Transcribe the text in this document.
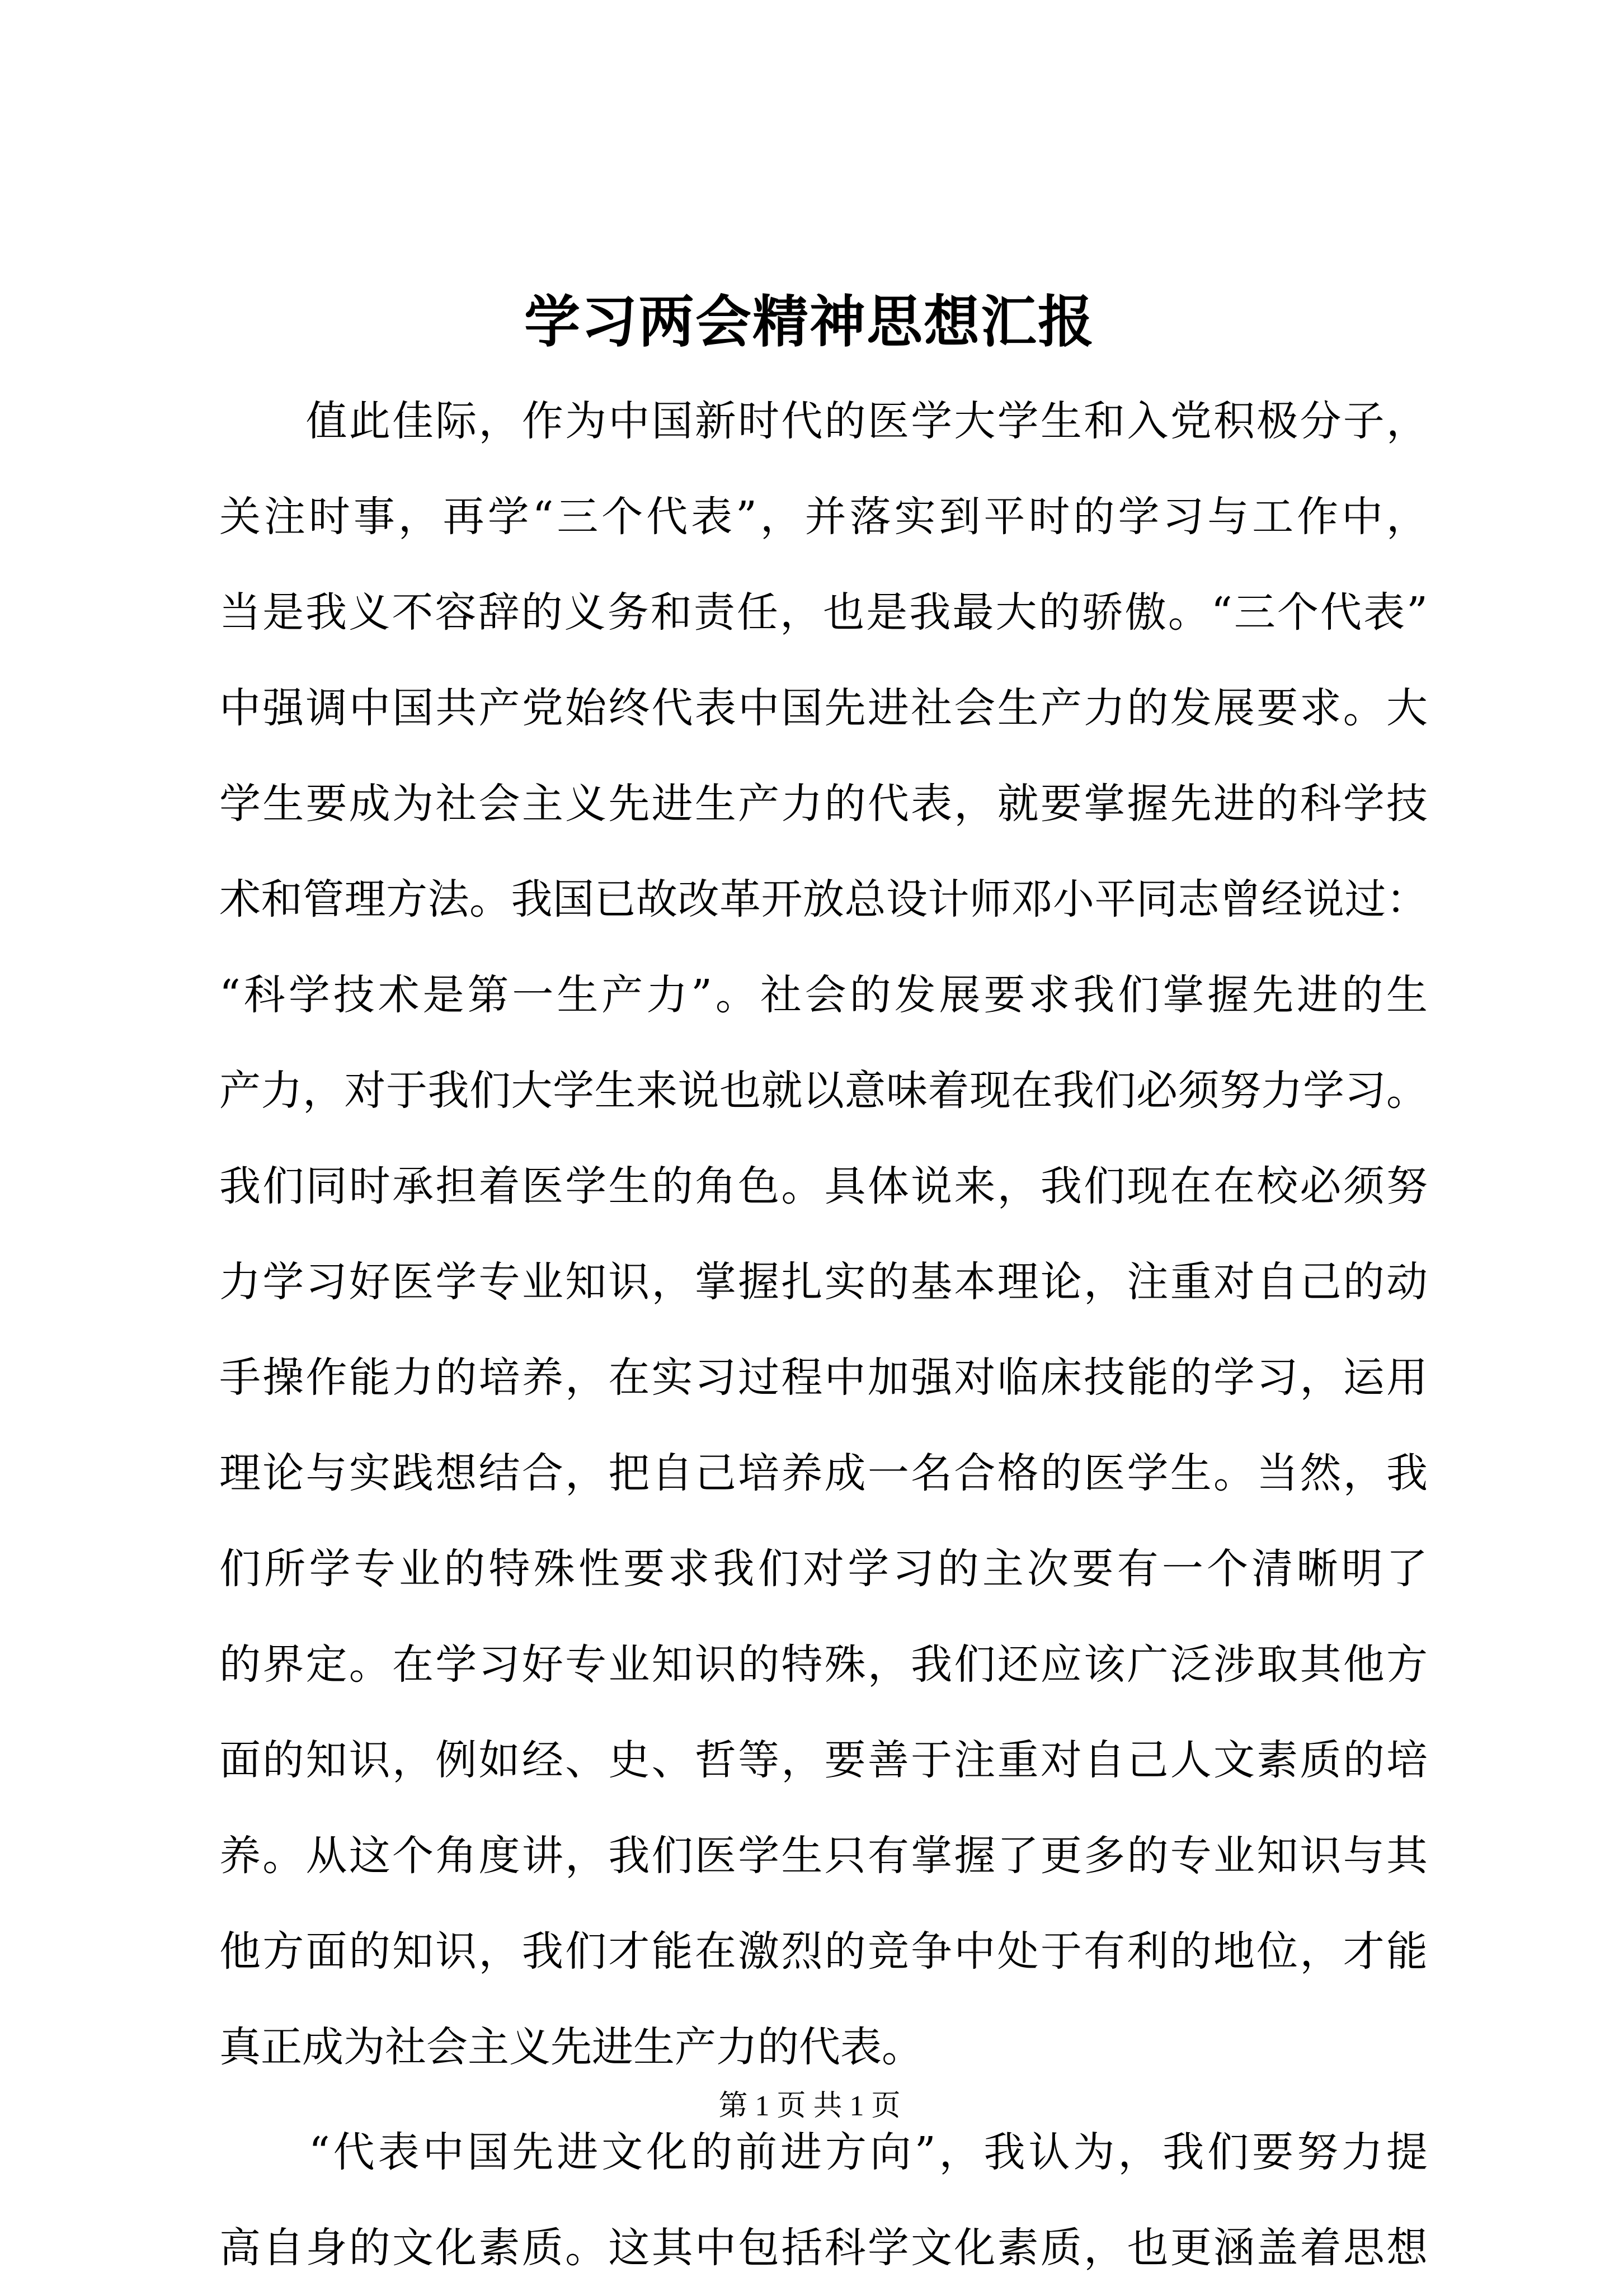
学习两会精神思想汇报
　　值此佳际，作为中国新时代的医学大学生和入党积极分子，
关注时事，再学“三个代表”，并落实到平时的学习与工作中，
当是我义不容辞的义务和责任，也是我最大的骄傲。“三个代表”
中强调中国共产党始终代表中国先进社会生产力的发展要求。大
学生要成为社会主义先进生产力的代表，就要掌握先进的科学技
术和管理方法。我国已故改革开放总设计师邓小平同志曾经说过：
“科学技术是第一生产力”。社会的发展要求我们掌握先进的生
产力，对于我们大学生来说也就以意味着现在我们必须努力学习。
我们同时承担着医学生的角色。具体说来，我们现在在校必须努
力学习好医学专业知识，掌握扎实的基本理论，注重对自己的动
手操作能力的培养，在实习过程中加强对临床技能的学习，运用
理论与实践想结合，把自己培养成一名合格的医学生。当然，我
们所学专业的特殊性要求我们对学习的主次要有一个清晰明了
的界定。在学习好专业知识的特殊，我们还应该广泛涉取其他方
面的知识，例如经、史、哲等，要善于注重对自己人文素质的培
养。从这个角度讲，我们医学生只有掌握了更多的专业知识与其
他方面的知识，我们才能在激烈的竞争中处于有利的地位，才能
真正成为社会主义先进生产力的代表。
　　“代表中国先进文化的前进方向”，我认为，我们要努力提
高自身的文化素质。这其中包括科学文化素质，也更涵盖着思想
第 1 页 共 1 页
